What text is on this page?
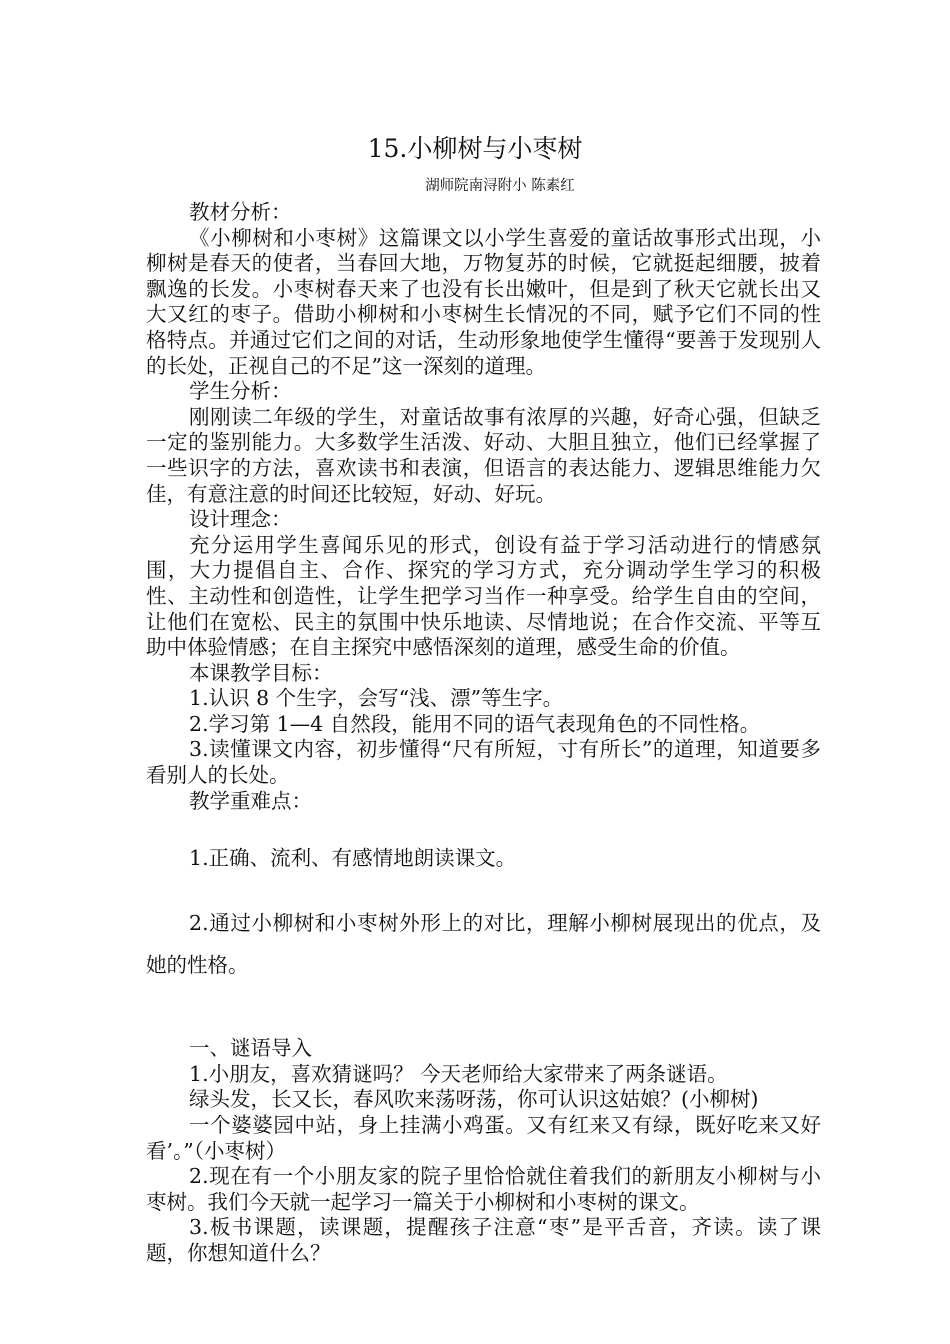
15.小柳树与小枣树
湖师院南浔附小 陈素红

教材分析：

《小柳树和小枣树》这篇课文以小学生喜爱的童话故事形式出现，小柳树是春天的使者，当春回大地，万物复苏的时候，它就挺起细腰，披着飘逸的长发。小枣树春天来了也没有长出嫩叶，但是到了秋天它就长出又大又红的枣子。借助小柳树和小枣树生长情况的不同，赋予它们不同的性格特点。并通过它们之间的对话，生动形象地使学生懂得“要善于发现别人的长处，正视自己的不足”这一深刻的道理。

学生分析：

刚刚读二年级的学生，对童话故事有浓厚的兴趣，好奇心强，但缺乏一定的鉴别能力。大多数学生活泼、好动、大胆且独立，他们已经掌握了一些识字的方法，喜欢读书和表演，但语言的表达能力、逻辑思维能力欠佳，有意注意的时间还比较短，好动、好玩。

设计理念：

充分运用学生喜闻乐见的形式，创设有益于学习活动进行的情感氛围，大力提倡自主、合作、探究的学习方式，充分调动学生学习的积极性、主动性和创造性，让学生把学习当作一种享受。给学生自由的空间，让他们在宽松、民主的氛围中快乐地读、尽情地说；在合作交流、平等互助中体验情感；在自主探究中感悟深刻的道理，感受生命的价值。

本课教学目标：

1.认识 8 个生字，会写“浅、漂”等生字。

2.学习第 1—4 自然段，能用不同的语气表现角色的不同性格。

3.读懂课文内容，初步懂得“尺有所短，寸有所长”的道理，知道要多看别人的长处。

教学重难点：

1.正确、流利、有感情地朗读课文。

2.通过小柳树和小枣树外形上的对比，理解小柳树展现出的优点，及她的性格。

一、谜语导入

1.小朋友，喜欢猜谜吗？ 今天老师给大家带来了两条谜语。

绿头发，长又长，春风吹来荡呀荡，你可认识这姑娘？(小柳树)

一个婆婆园中站，身上挂满小鸡蛋。又有红来又有绿，既好吃来又好看’。”（小枣树）

2.现在有一个小朋友家的院子里恰恰就住着我们的新朋友小柳树与小枣树。我们今天就一起学习一篇关于小柳树和小枣树的课文。

3.板书课题，读课题，提醒孩子注意“枣”是平舌音，齐读。读了课题，你想知道什么？
